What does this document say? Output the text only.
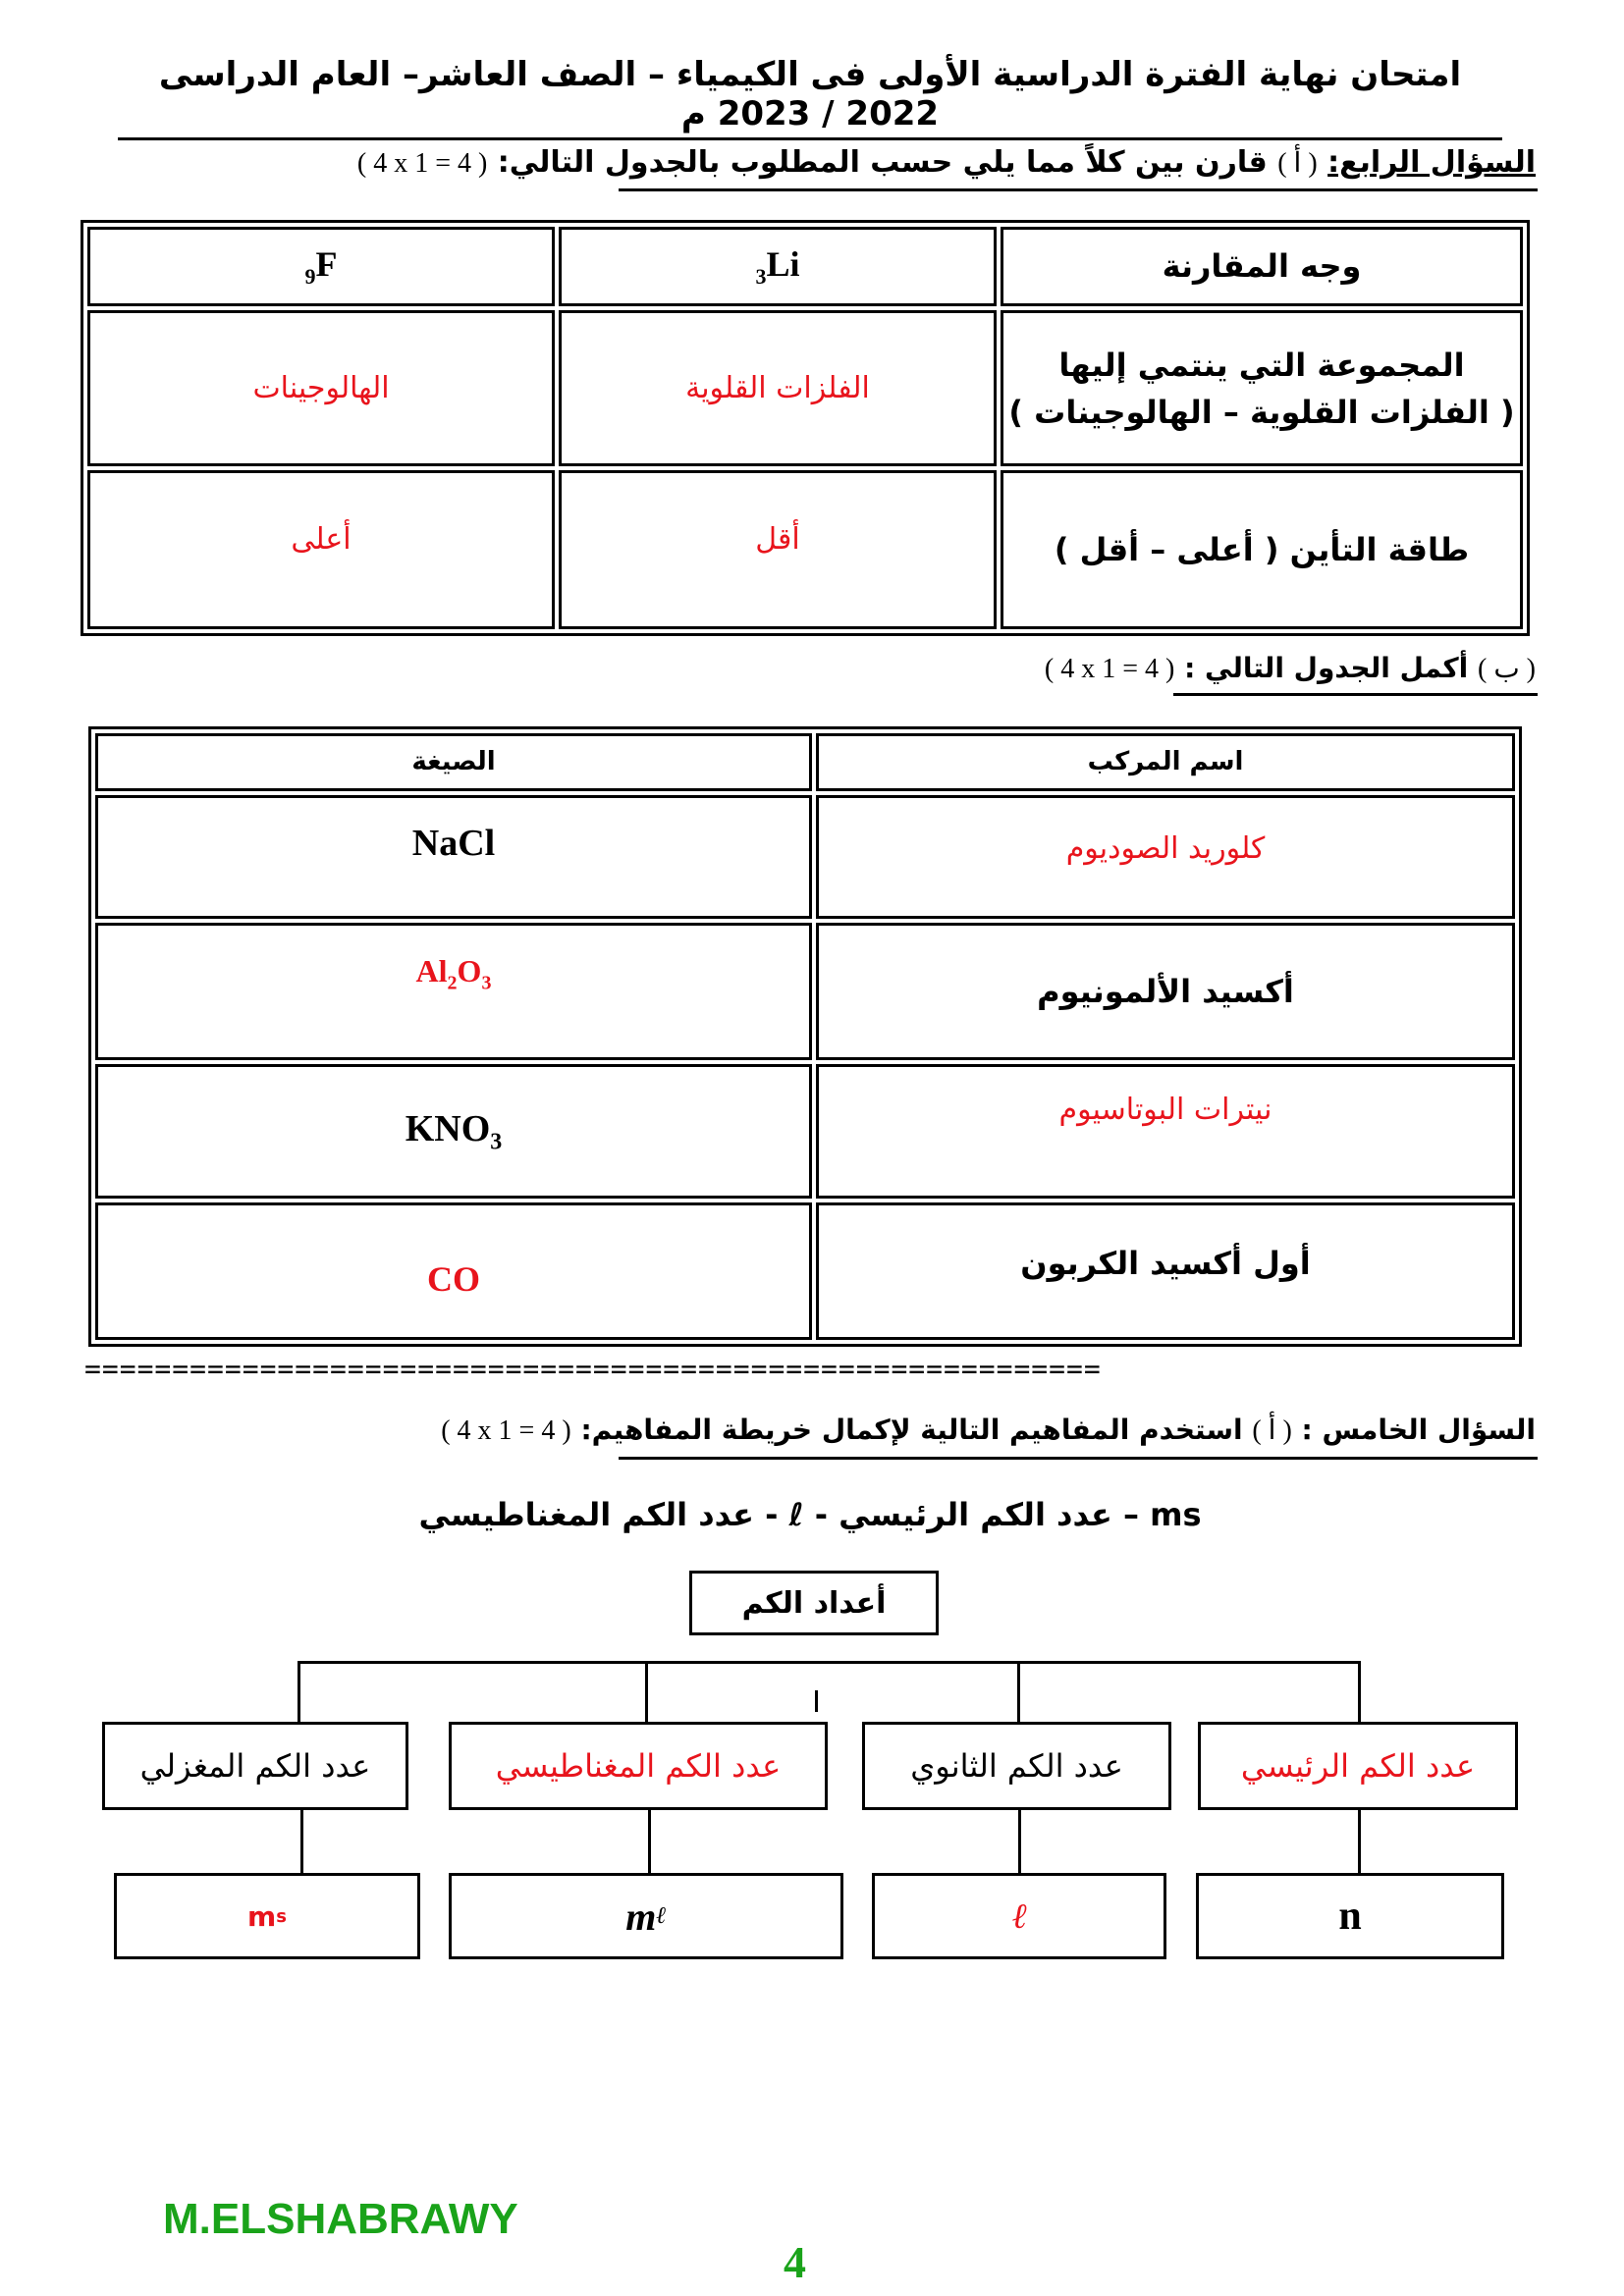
امتحان نهاية الفترة الدراسية الأولى فى الكيمياء – الصف العاشر– العام الدراسى 2022 / 2023 م
السؤال الرابع: ( أ ) قارن بين كلاً مما يلي حسب المطلوب بالجدول التالي: ( 4 x 1 = 4 )
$_9$F	$_3$Li	وجه المقارنة
الهالوجينات	الفلزات القلوية	المجموعة التي ينتمي إليها
( الفلزات القلوية – الهالوجينات )

أعلى	أقل	طاقة التأين ( أعلى – أقل )
( ب ) أكمل الجدول التالي : ( 4 x 1 = 4 )
الصيغة	اسم المركب
NaCl	كلوريد الصوديوم
$Al_2O_3$	أكسيد الألمونيوم
$KNO_3$	نيترات البوتاسيوم
CO	أول أكسيد الكربون
==========================================================
السؤال الخامس : ( أ ) استخدم المفاهيم التالية لإكمال خريطة المفاهيم: ( 4 x 1 = 4 )
ms – عدد الكم الرئيسي - ℓ - عدد الكم المغناطيسي
أعداد الكم
عدد الكم المغزلي	عدد الكم المغناطيسي	عدد الكم الثانوي	عدد الكم الرئيسي
m s	m ℓ	ℓ	n
M.ELSHABRAWY
4
